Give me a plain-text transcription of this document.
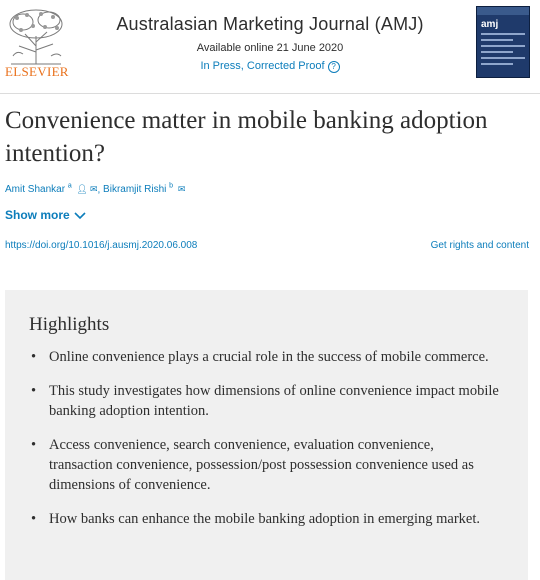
ELSEVIER
Australasian Marketing Journal (AMJ)
Available online 21 June 2020
In Press, Corrected Proof ?
amj
Convenience matter in mobile banking adoption intention?
Amit Shankar $^a$ 👤︎ ✉︎, Bikramjit Rishi $^b$ ✉︎
Show more
https://doi.org/10.1016/j.ausmj.2020.06.008	Get rights and content
Highlights
• Online convenience plays a crucial role in the success of mobile commerce.
• This study investigates how dimensions of online convenience impact mobile banking adoption intention.
• Access convenience, search convenience, evaluation convenience, transaction convenience, possession/post possession convenience used as dimensions of convenience.
• How banks can enhance the mobile banking adoption in emerging market.
